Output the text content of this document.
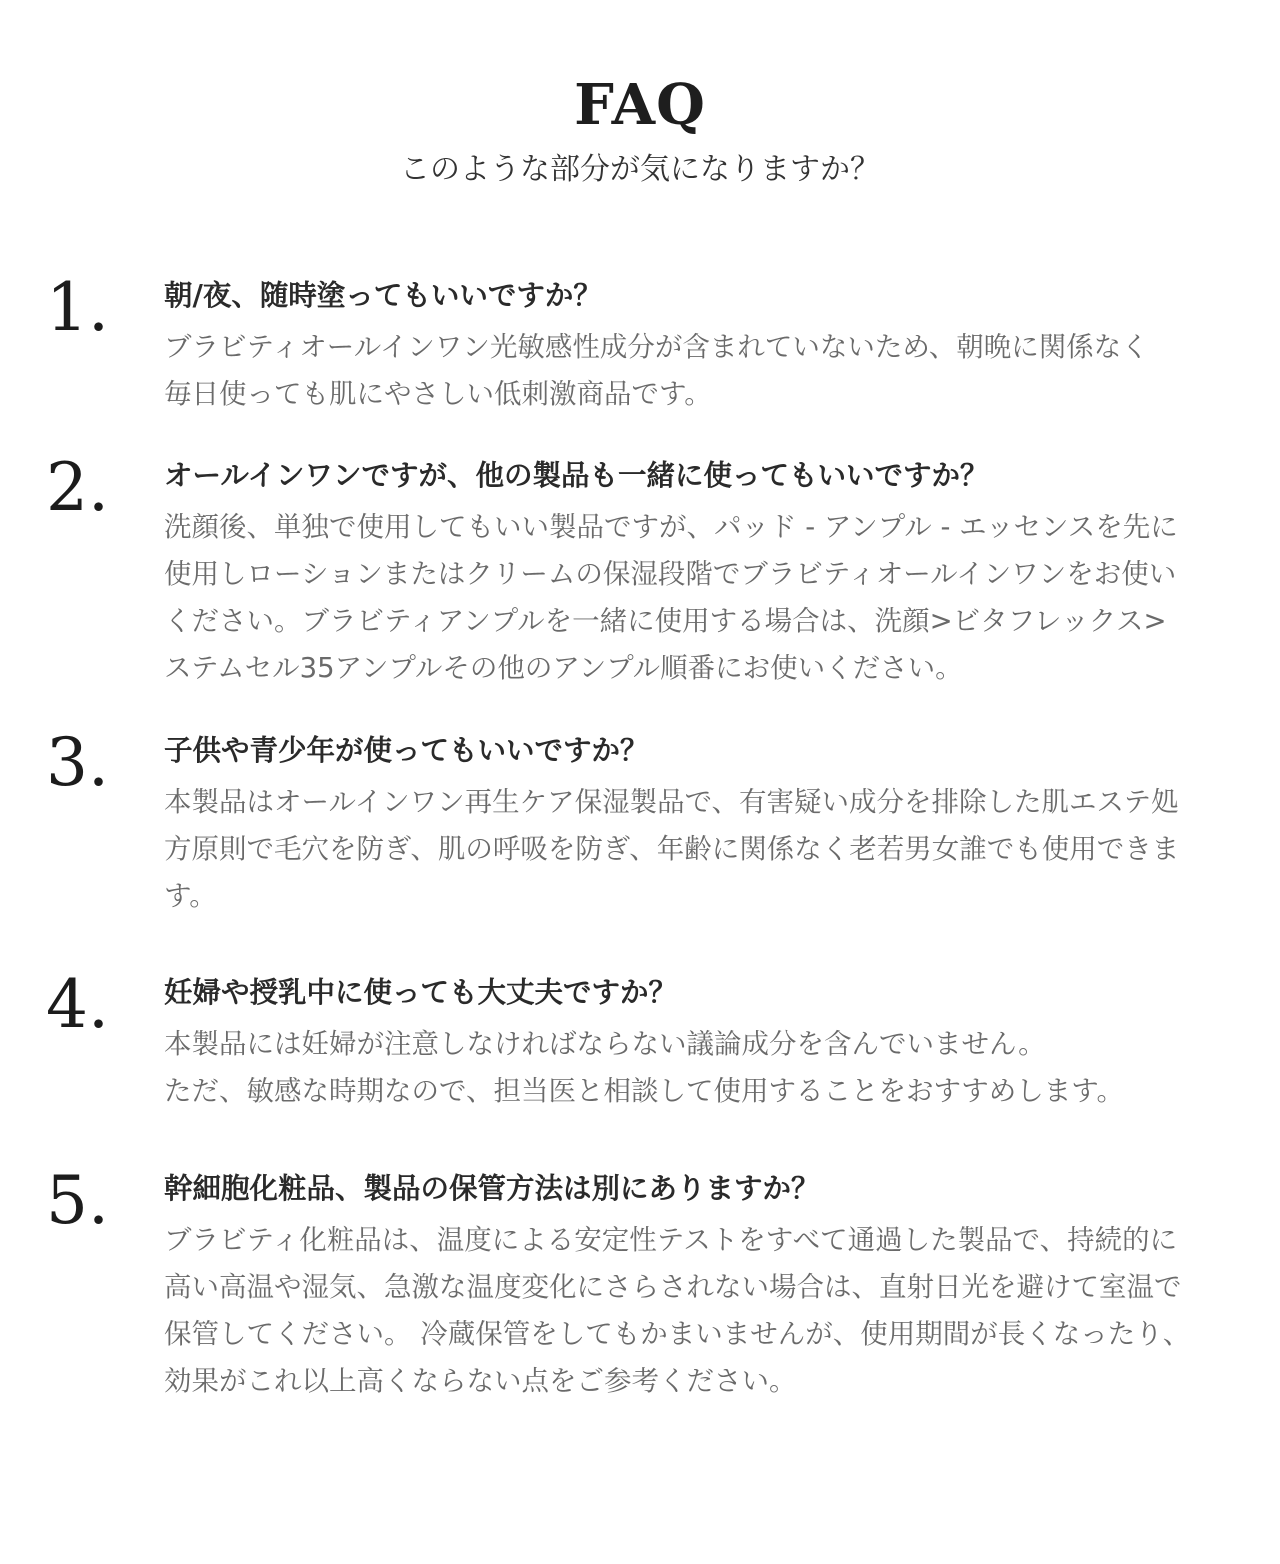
FAQ
このような部分が気になりますか？
1. 朝/夜、随時塗ってもいいですか？
ブラビティオールインワン光敏感性成分が含まれていないため、朝晩に関係なく
毎日使っても肌にやさしい低刺激商品です。
2. オールインワンですが、他の製品も一緒に使ってもいいですか？
洗顔後、単独で使用してもいい製品ですが、パッド - アンプル - エッセンスを先に
使用しローションまたはクリームの保湿段階でブラビティオールインワンをお使い
ください。ブラビティアンプルを一緒に使用する場合は、洗顔>ビタフレックス>
ステムセル35アンプルその他のアンプル順番にお使いください。
3. 子供や青少年が使ってもいいですか？
本製品はオールインワン再生ケア保湿製品で、有害疑い成分を排除した肌エステ処
方原則で毛穴を防ぎ、肌の呼吸を防ぎ、年齢に関係なく老若男女誰でも使用できま
す。
4. 妊婦や授乳中に使っても大丈夫ですか？
本製品には妊婦が注意しなければならない議論成分を含んでいません。
ただ、敏感な時期なので、担当医と相談して使用することをおすすめします。
5. 幹細胞化粧品、製品の保管方法は別にありますか？
ブラビティ化粧品は、温度による安定性テストをすべて通過した製品で、持続的に
高い高温や湿気、急激な温度変化にさらされない場合は、直射日光を避けて室温で
保管してください。 冷蔵保管をしてもかまいませんが、使用期間が長くなったり、
効果がこれ以上高くならない点をご参考ください。
